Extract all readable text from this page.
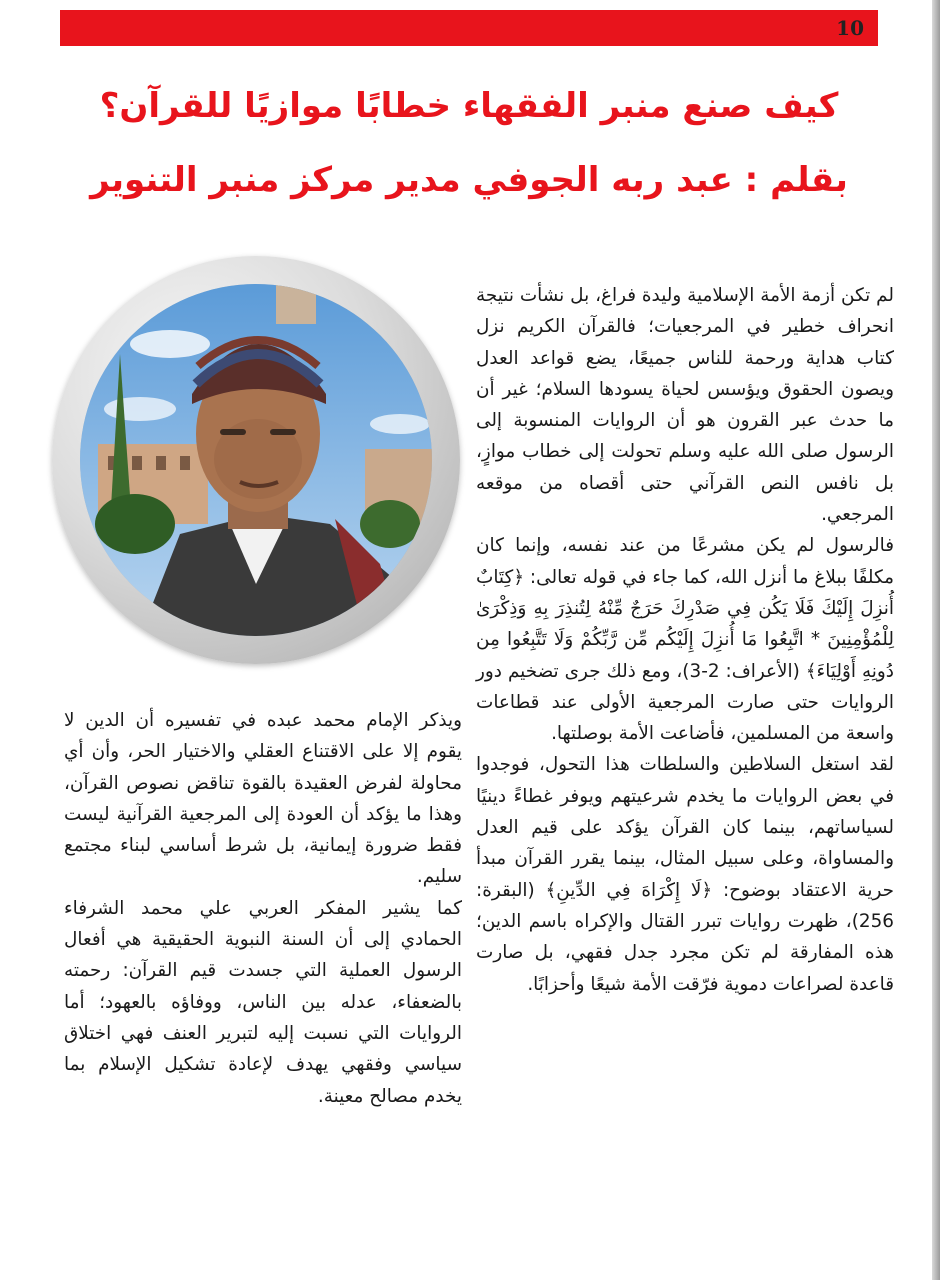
10
كيف صنع منبر الفقهاء خطابًا موازيًا للقرآن؟
بقلم : عبد ربه الجوفي مدير مركز منبر التنوير

لم تكن أزمة الأمة الإسلامية وليدة فراغ، بل نشأت نتيجة انحراف خطير في المرجعيات؛ فالقرآن الكريم نزل كتاب هداية ورحمة للناس جميعًا، يضع قواعد العدل ويصون الحقوق ويؤسس لحياة يسودها السلام؛ غير أن ما حدث عبر القرون هو أن الروايات المنسوبة إلى الرسول صلى الله عليه وسلم تحولت إلى خطاب موازٍ، بل نافس النص القرآني حتى أقصاه من موقعه المرجعي.

فالرسول لم يكن مشرعًا من عند نفسه، وإنما كان مكلفًا ببلاغ ما أنزل الله، كما جاء في قوله تعالى: ﴿كِتَابٌ أُنزِلَ إِلَيْكَ فَلَا يَكُن فِي صَدْرِكَ حَرَجٌ مِّنْهُ لِتُنذِرَ بِهِ وَذِكْرَىٰ لِلْمُؤْمِنِينَ * اتَّبِعُوا مَا أُنزِلَ إِلَيْكُم مِّن رَّبِّكُمْ وَلَا تَتَّبِعُوا مِن دُونِهِ أَوْلِيَاءَ﴾ (الأعراف: 2-3)، ومع ذلك جرى تضخيم دور الروايات حتى صارت المرجعية الأولى عند قطاعات واسعة من المسلمين، فأضاعت الأمة بوصلتها.

لقد استغل السلاطين والسلطات هذا التحول، فوجدوا في بعض الروايات ما يخدم شرعيتهم ويوفر غطاءً دينيًا لسياساتهم، بينما كان القرآن يؤكد على قيم العدل والمساواة، وعلى سبيل المثال، بينما يقرر القرآن مبدأ حرية الاعتقاد بوضوح: ﴿لَا إِكْرَاهَ فِي الدِّينِ﴾ (البقرة: 256)، ظهرت روايات تبرر القتال والإكراه باسم الدين؛ هذه المفارقة لم تكن مجرد جدل فقهي، بل صارت قاعدة لصراعات دموية فرّقت الأمة شيعًا وأحزابًا.

ويذكر الإمام محمد عبده في تفسيره أن الدين لا يقوم إلا على الاقتناع العقلي والاختيار الحر، وأن أي محاولة لفرض العقيدة بالقوة تناقض نصوص القرآن، وهذا ما يؤكد أن العودة إلى المرجعية القرآنية ليست فقط ضرورة إيمانية، بل شرط أساسي لبناء مجتمع سليم.

كما يشير المفكر العربي علي محمد الشرفاء الحمادي إلى أن السنة النبوية الحقيقية هي أفعال الرسول العملية التي جسدت قيم القرآن: رحمته بالضعفاء، عدله بين الناس، ووفاؤه بالعهود؛ أما الروايات التي نسبت إليه لتبرير العنف فهي اختلاق سياسي وفقهي يهدف لإعادة تشكيل الإسلام بما يخدم مصالح معينة.
